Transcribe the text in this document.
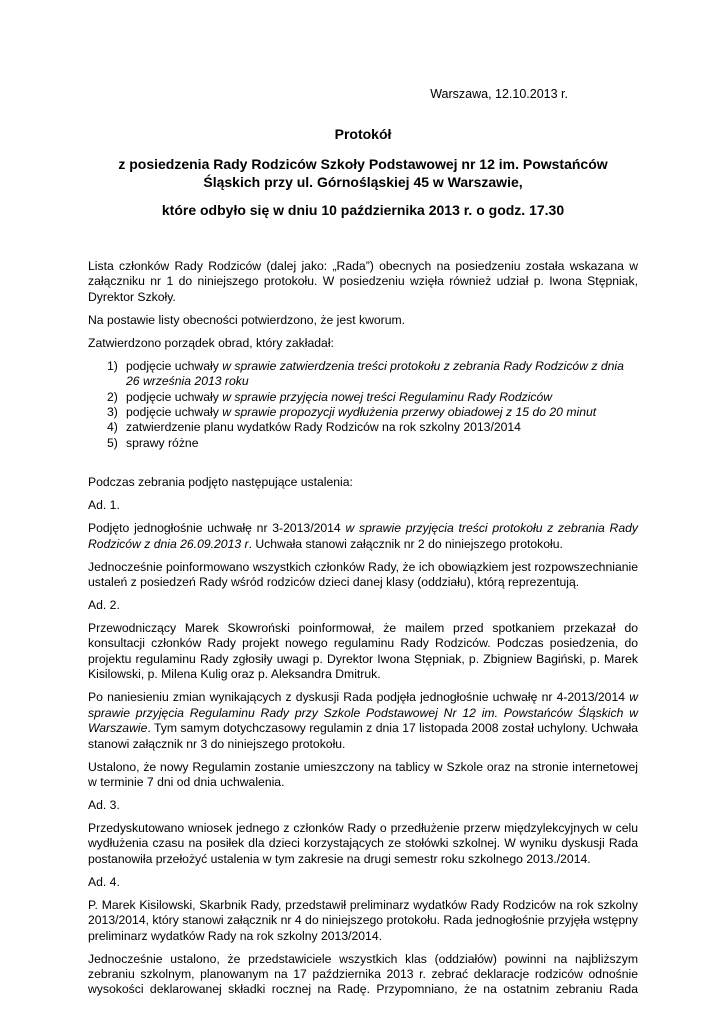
Warszawa, 12.10.2013 r.
Protokół
z posiedzenia Rady Rodziców Szkoły Podstawowej nr 12 im. Powstańców Śląskich przy ul. Górnośląskiej 45 w Warszawie,
które odbyło się w dniu 10 października 2013 r. o godz. 17.30

Lista członków Rady Rodziców (dalej jako: „Rada”) obecnych na posiedzeniu została wskazana w załączniku nr 1 do niniejszego protokołu. W posiedzeniu wzięła również udział p. Iwona Stępniak, Dyrektor Szkoły.

Na postawie listy obecności potwierdzono, że jest kworum.

Zatwierdzono porządek obrad, który zakładał:

1) podjęcie uchwały w sprawie zatwierdzenia treści protokołu z zebrania Rady Rodziców z dnia 26 września 2013 roku
2) podjęcie uchwały w sprawie przyjęcia nowej treści Regulaminu Rady Rodziców
3) podjęcie uchwały w sprawie propozycji wydłużenia przerwy obiadowej z 15 do 20 minut
4) zatwierdzenie planu wydatków Rady Rodziców na rok szkolny 2013/2014
5) sprawy różne

Podczas zebrania podjęto następujące ustalenia:

Ad. 1.

Podjęto jednogłośnie uchwałę nr 3-2013/2014 w sprawie przyjęcia treści protokołu z zebrania Rady Rodziców z dnia 26.09.2013 r. Uchwała stanowi załącznik nr 2 do niniejszego protokołu.

Jednocześnie poinformowano wszystkich członków Rady, że ich obowiązkiem jest rozpowszechnianie ustaleń z posiedzeń Rady wśród rodziców dzieci danej klasy (oddziału), którą reprezentują.

Ad. 2.

Przewodniczący Marek Skowroński poinformował, że mailem przed spotkaniem przekazał do konsultacji członków Rady projekt nowego regulaminu Rady Rodziców. Podczas posiedzenia, do projektu regulaminu Rady zgłosiły uwagi p. Dyrektor Iwona Stępniak, p. Zbigniew Bagiński, p. Marek Kisilowski, p. Milena Kulig oraz p. Aleksandra Dmitruk.

Po naniesieniu zmian wynikających z dyskusji Rada podjęła jednogłośnie uchwałę nr 4-2013/2014 w sprawie przyjęcia Regulaminu Rady przy Szkole Podstawowej Nr 12 im. Powstańców Śląskich w Warszawie. Tym samym dotychczasowy regulamin z dnia 17 listopada 2008 został uchylony. Uchwała stanowi załącznik nr 3 do niniejszego protokołu.

Ustalono, że nowy Regulamin zostanie umieszczony na tablicy w Szkole oraz na stronie internetowej w terminie 7 dni od dnia uchwalenia.

Ad. 3.

Przedyskutowano wniosek jednego z członków Rady o przedłużenie przerw międzylekcyjnych w celu wydłużenia czasu na posiłek dla dzieci korzystających ze stołówki szkolnej. W wyniku dyskusji Rada postanowiła przełożyć ustalenia w tym zakresie na drugi semestr roku szkolnego 2013./2014.

Ad. 4.

P. Marek Kisilowski, Skarbnik Rady, przedstawił preliminarz wydatków Rady Rodziców na rok szkolny 2013/2014, który stanowi załącznik nr 4 do niniejszego protokołu. Rada jednogłośnie przyjęła wstępny preliminarz wydatków Rady na rok szkolny 2013/2014.

Jednocześnie ustalono, że przedstawiciele wszystkich klas (oddziałów) powinni na najbliższym zebraniu szkolnym, planowanym na 17 października 2013 r. zebrać deklaracje rodziców odnośnie wysokości deklarowanej składki rocznej na Radę. Przypomniano, że na ostatnim zebraniu Rada
